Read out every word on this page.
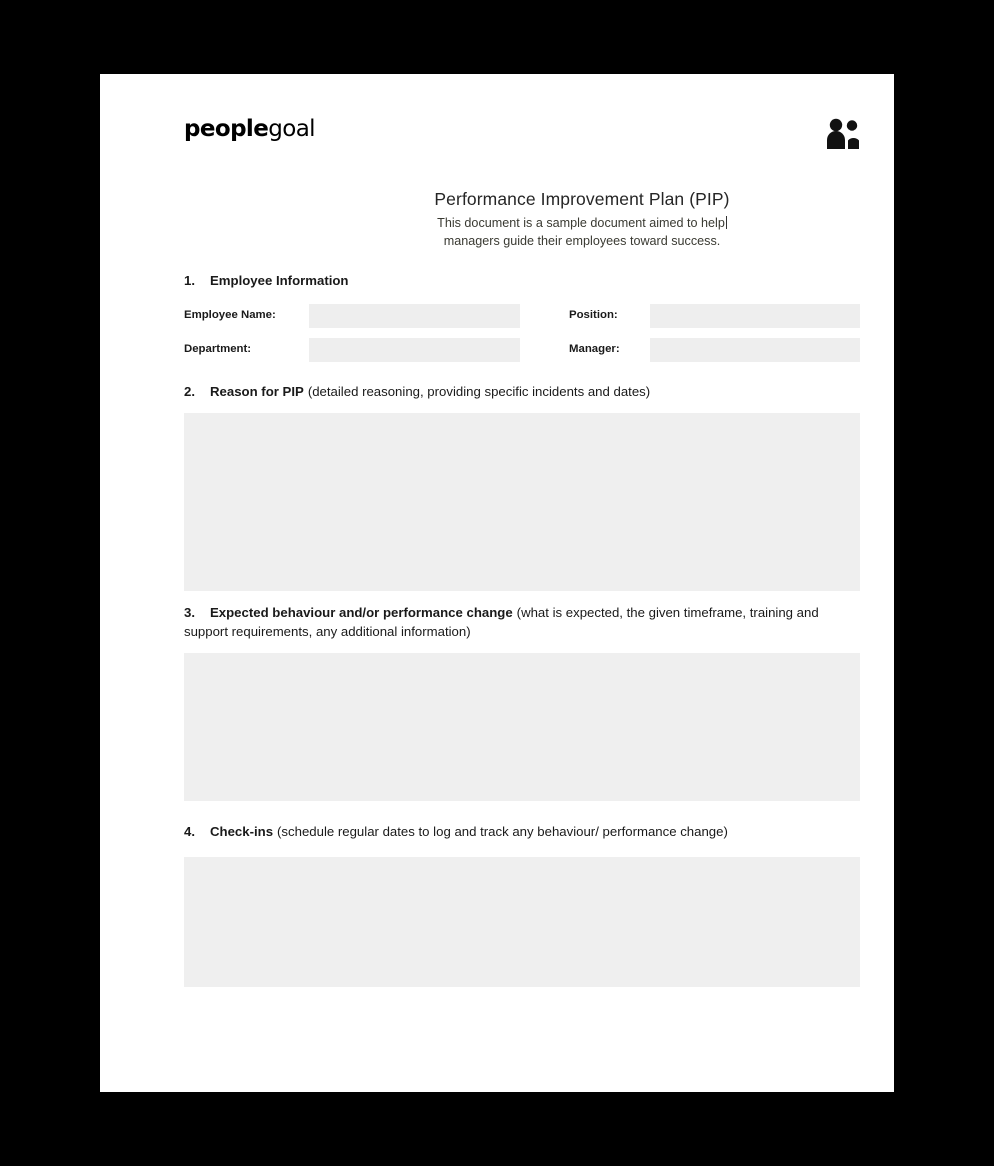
peoplegoal
Performance Improvement Plan (PIP)
This document is a sample document aimed to help
managers guide their employees toward success.
1. Employee Information
Employee Name:	Position:
Department:	Manager:
2. Reason for PIP (detailed reasoning, providing specific incidents and dates)
3. Expected behaviour and/or performance change (what is expected, the given timeframe, training and support requirements, any additional information)
4. Check-ins (schedule regular dates to log and track any behaviour/ performance change)
